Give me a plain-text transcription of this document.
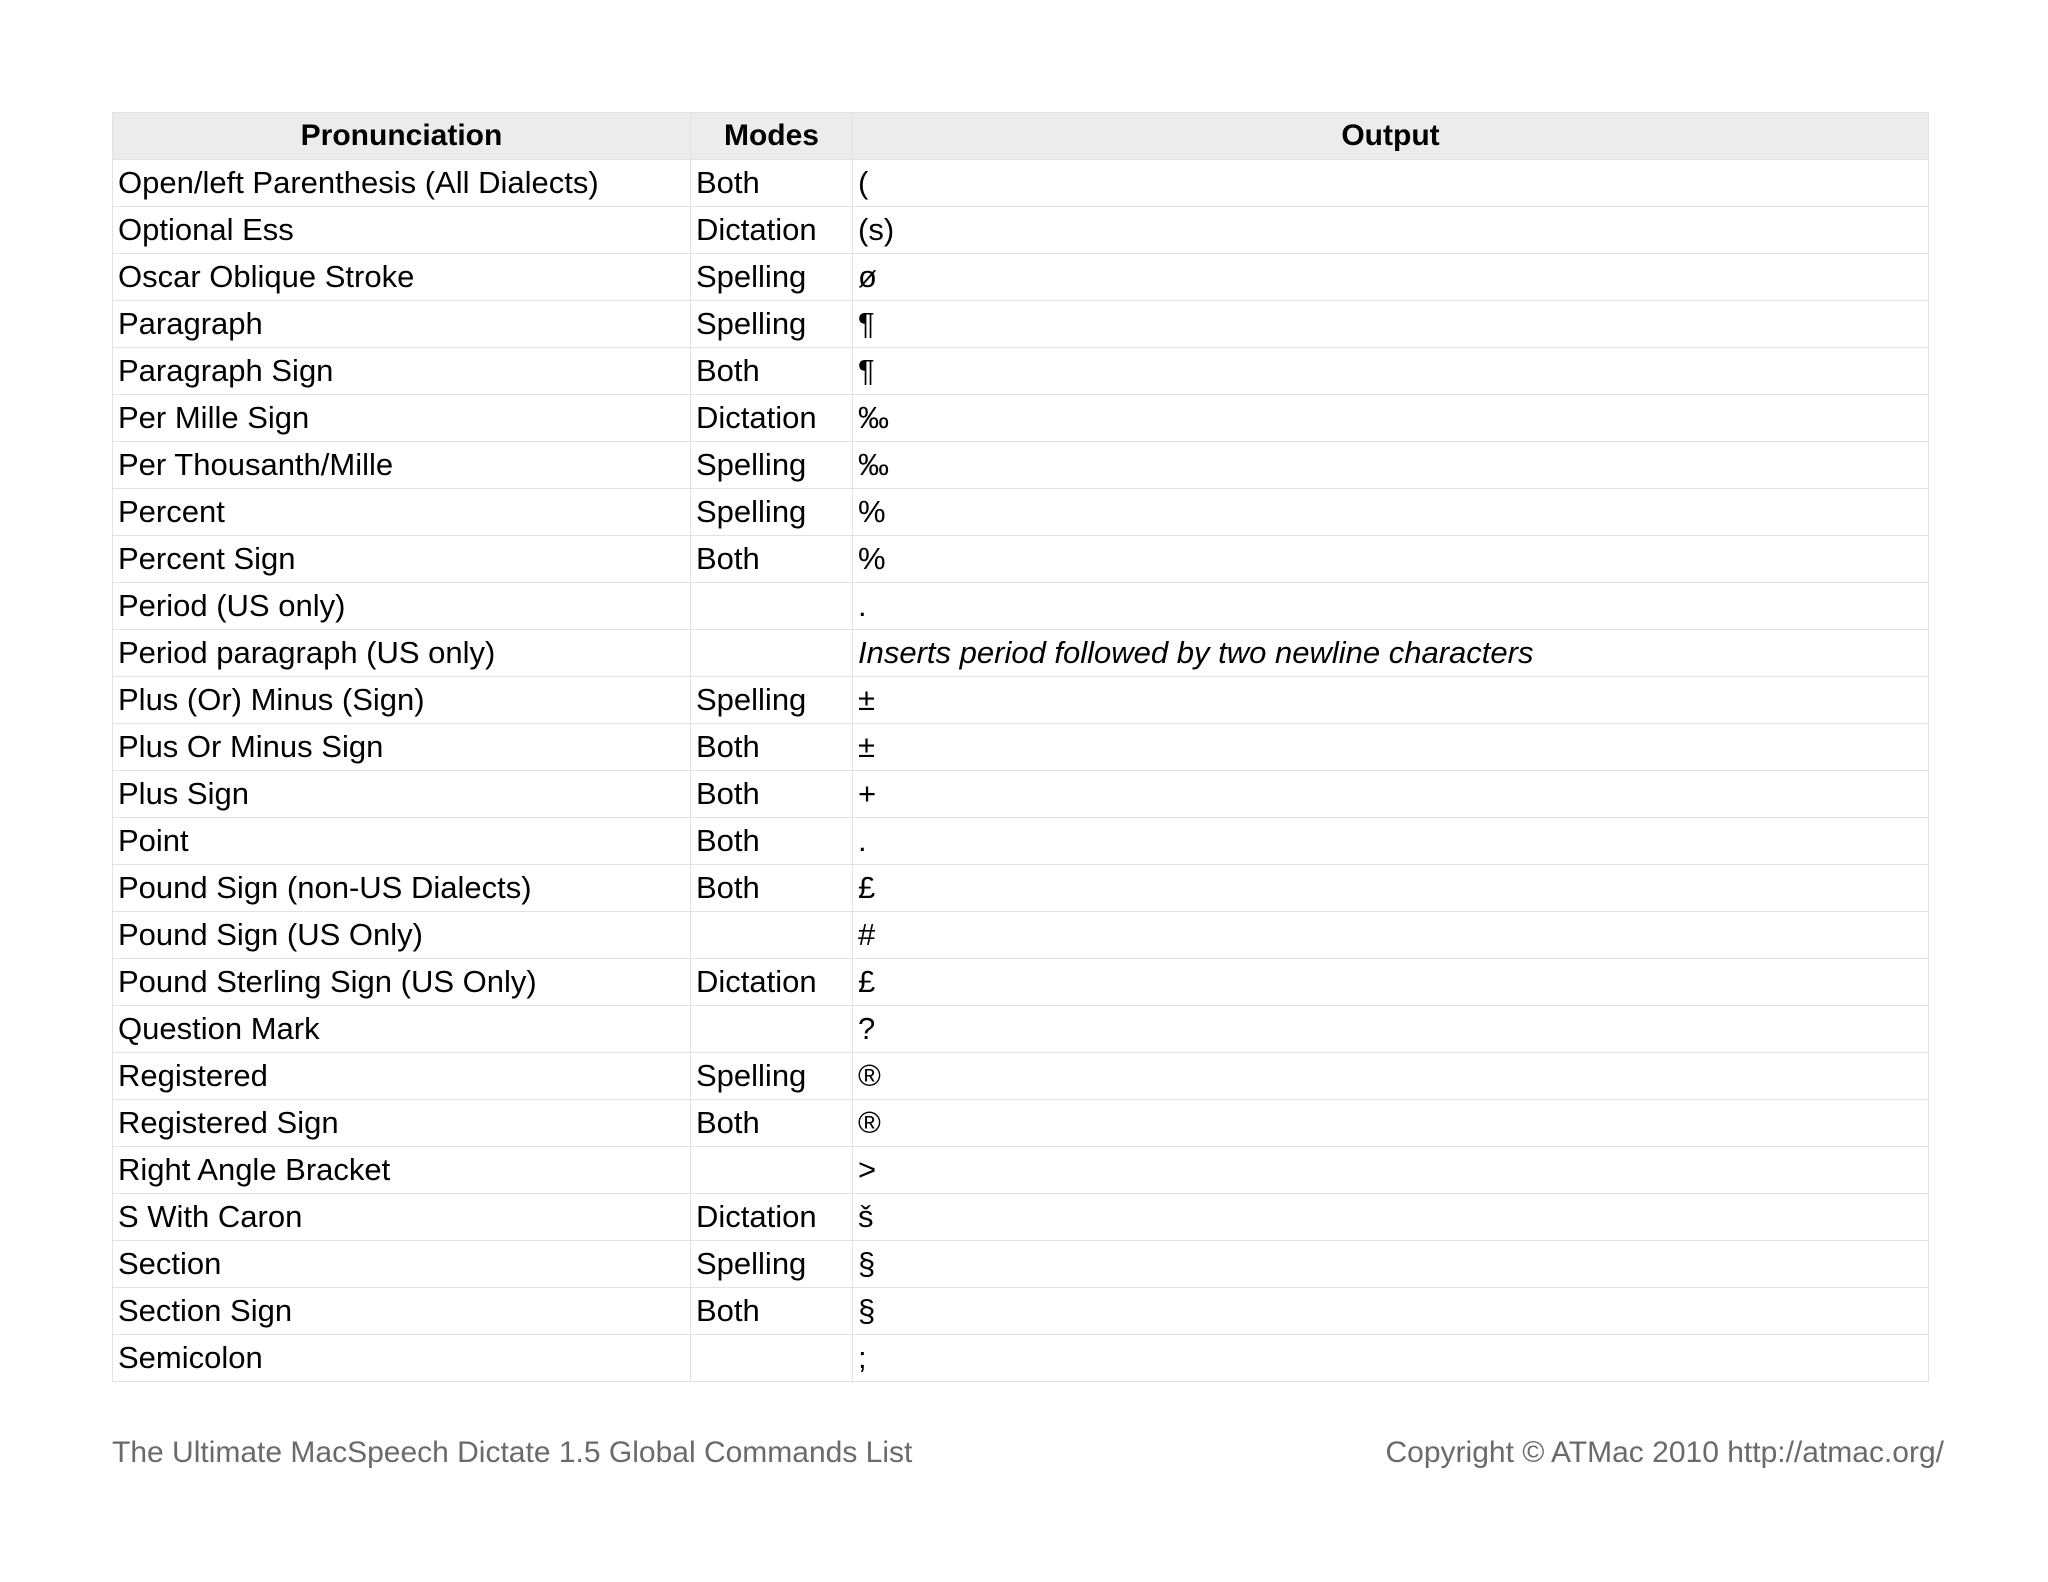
Pronunciation	Modes	Output
Open/left Parenthesis (All Dialects)	Both	(
Optional Ess	Dictation	(s)
Oscar Oblique Stroke	Spelling	ø
Paragraph	Spelling	¶
Paragraph Sign	Both	¶
Per Mille Sign	Dictation	‰
Per Thousanth/Mille	Spelling	‰
Percent	Spelling	%
Percent Sign	Both	%
Period (US only)		.
Period paragraph (US only)		Inserts period followed by two newline characters
Plus (Or) Minus (Sign)	Spelling	±
Plus Or Minus Sign	Both	±
Plus Sign	Both	+
Point	Both	.
Pound Sign (non-US Dialects)	Both	£
Pound Sign (US Only)		#
Pound Sterling Sign (US Only)	Dictation	£
Question Mark		?
Registered	Spelling	®
Registered Sign	Both	®
Right Angle Bracket		>
S With Caron	Dictation	š
Section	Spelling	§
Section Sign	Both	§
Semicolon		;
The Ultimate MacSpeech Dictate 1.5 Global Commands List	Copyright © ATMac 2010 http://atmac.org/
